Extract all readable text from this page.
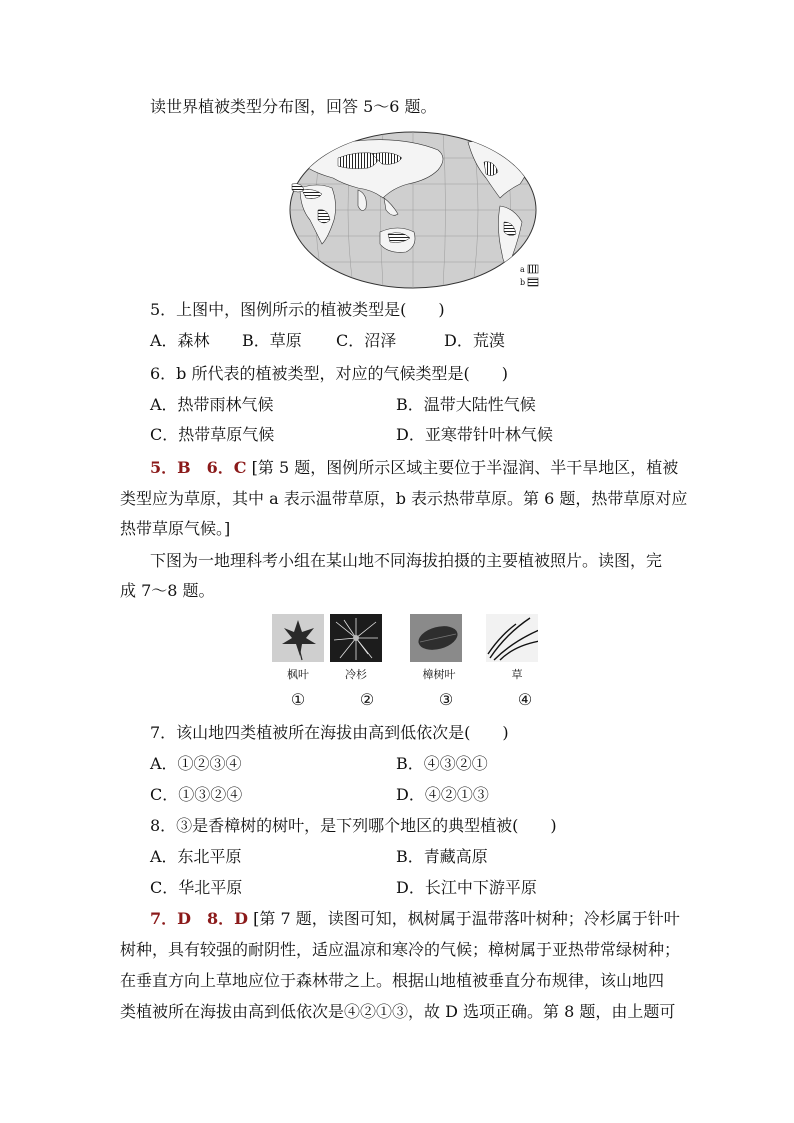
读世界植被类型分布图，回答 5～6 题。
a
b
5．上图中，图例所示的植被类型是(　　)
A．森林 B．草原 C．沼泽	D．荒漠
6．b 所代表的植被类型，对应的气候类型是(　　)
A．热带雨林气候	B．温带大陆性气候
C．热带草原气候	D．亚寒带针叶林气候
5．B　6．C [第 5 题，图例所示区域主要位于半湿润、半干旱地区，植被
类型应为草原，其中 a 表示温带草原，b 表示热带草原。第 6 题，热带草原对应
热带草原气候。]
下图为一地理科考小组在某山地不同海拔拍摄的主要植被照片。读图，完
成 7～8 题。
枫叶	冷杉	樟树叶	草
①	②	③	④
7．该山地四类植被所在海拔由高到低依次是(　　)
A．①②③④	B．④③②①
C．①③②④	D．④②①③
8．③是香樟树的树叶，是下列哪个地区的典型植被(　　)
A．东北平原	B．青藏高原
C．华北平原	D．长江中下游平原
7．D　8．D [第 7 题，读图可知，枫树属于温带落叶树种；冷杉属于针叶
树种，具有较强的耐阴性，适应温凉和寒冷的气候；樟树属于亚热带常绿树种；
在垂直方向上草地应位于森林带之上。根据山地植被垂直分布规律，该山地四
类植被所在海拔由高到低依次是④②①③，故 D 选项正确。第 8 题，由上题可
